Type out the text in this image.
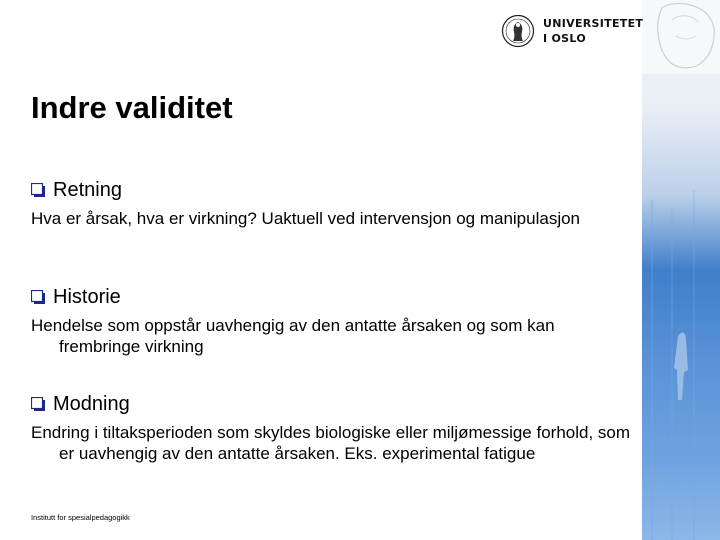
UNIVERSITETET
I OSLO
Indre validitet
Retning
Hva er årsak, hva er virkning? Uaktuell ved intervensjon og manipulasjon
Historie
Hendelse som oppstår uavhengig av den antatte årsaken og som kan frembringe virkning
Modning
Endring i tiltaksperioden som skyldes biologiske eller miljømessige forhold, som er uavhengig av den antatte årsaken. Eks. experimental fatigue
Institutt for spesialpedagogikk
